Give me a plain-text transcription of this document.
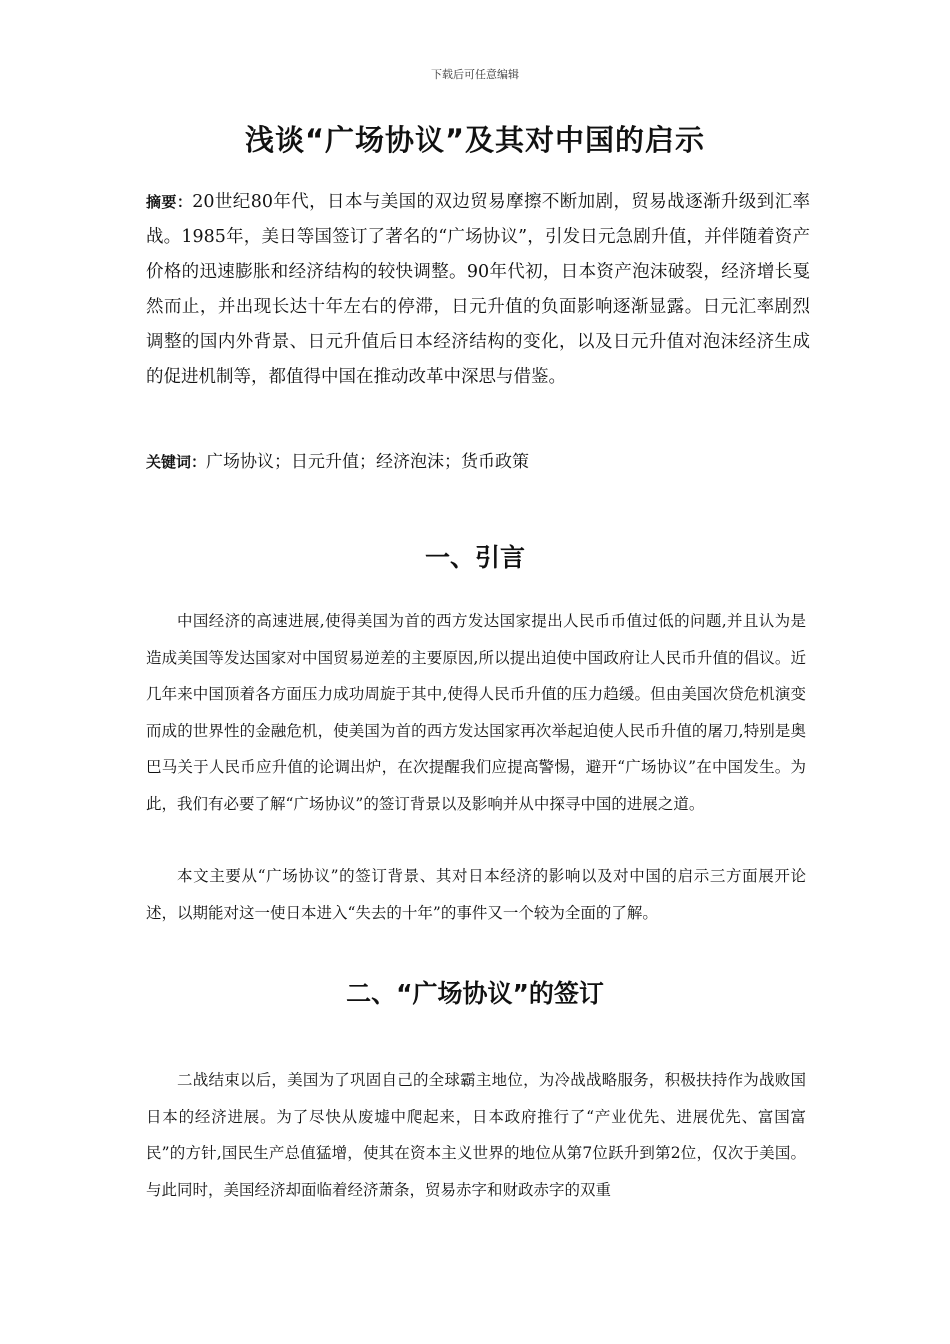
下载后可任意编辑
浅谈“广场协议”及其对中国的启示

摘要：20世纪80年代，日本与美国的双边贸易摩擦不断加剧，贸易战逐渐升级到汇率战。1985年，美日等国签订了著名的“广场协议”，引发日元急剧升值，并伴随着资产价格的迅速膨胀和经济结构的较快调整。90年代初，日本资产泡沫破裂，经济增长戛然而止，并出现长达十年左右的停滞，日元升值的负面影响逐渐显露。日元汇率剧烈调整的国内外背景、日元升值后日本经济结构的变化，以及日元升值对泡沫经济生成的促进机制等，都值得中国在推动改革中深思与借鉴。

关键词：广场协议；日元升值；经济泡沫；货币政策

一、引言

中国经济的高速进展,使得美国为首的西方发达国家提出人民币币值过低的问题,并且认为是造成美国等发达国家对中国贸易逆差的主要原因,所以提出迫使中国政府让人民币升值的倡议。近几年来中国顶着各方面压力成功周旋于其中,使得人民币升值的压力趋缓。但由美国次贷危机演变而成的世界性的金融危机，使美国为首的西方发达国家再次举起迫使人民币升值的屠刀,特别是奥巴马关于人民币应升值的论调出炉，在次提醒我们应提高警惕，避开“广场协议”在中国发生。为此，我们有必要了解“广场协议”的签订背景以及影响并从中探寻中国的进展之道。

本文主要从“广场协议”的签订背景、其对日本经济的影响以及对中国的启示三方面展开论述，以期能对这一使日本进入“失去的十年”的事件又一个较为全面的了解。

二、“广场协议”的签订

二战结束以后，美国为了巩固自己的全球霸主地位，为冷战战略服务，积极扶持作为战败国日本的经济进展。为了尽快从废墟中爬起来，日本政府推行了“产业优先、进展优先、富国富民”的方针,国民生产总值猛增，使其在资本主义世界的地位从第7位跃升到第2位，仅次于美国。与此同时，美国经济却面临着经济萧条，贸易赤字和财政赤字的双重
